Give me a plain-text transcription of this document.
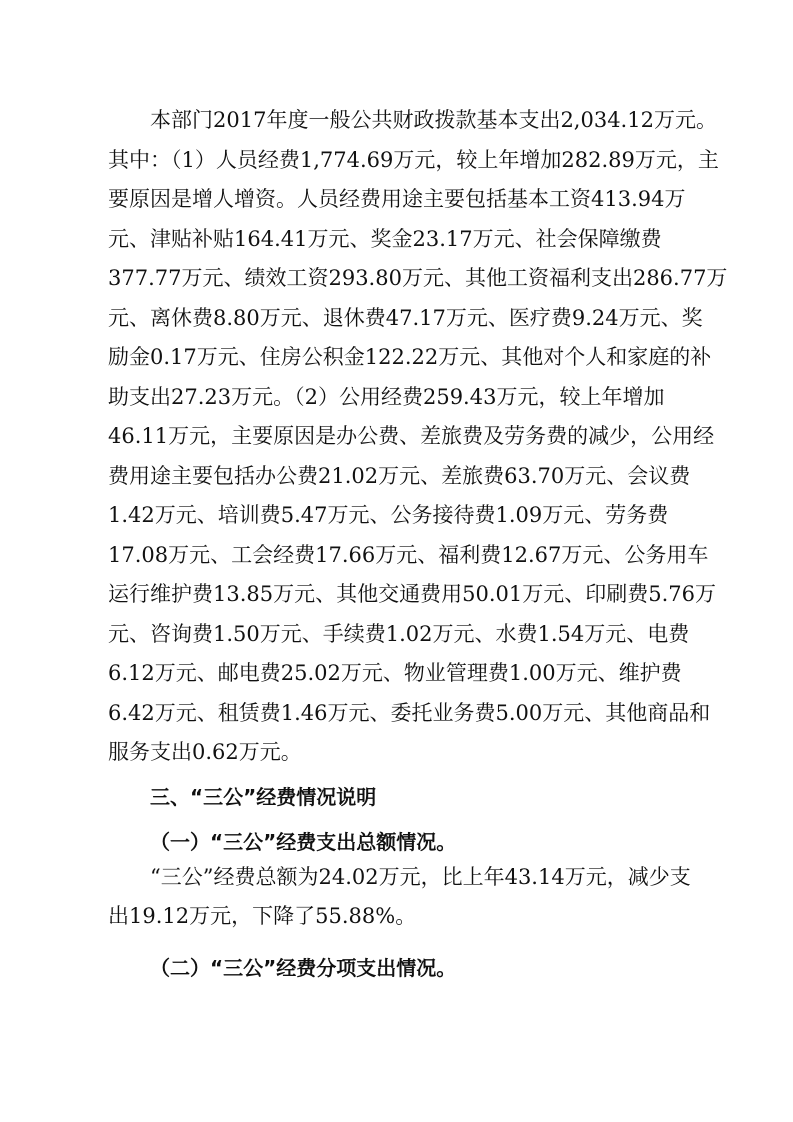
本部门2017年度一般公共财政拨款基本支出2,034.12万元。
其中：（1）人员经费1,774.69万元，较上年增加282.89万元，主
要原因是增人增资。人员经费用途主要包括基本工资413.94万
元、津贴补贴164.41万元、奖金23.17万元、社会保障缴费
377.77万元、绩效工资293.80万元、其他工资福利支出286.77万
元、离休费8.80万元、退休费47.17万元、医疗费9.24万元、奖
励金0.17万元、住房公积金122.22万元、其他对个人和家庭的补
助支出27.23万元。（2）公用经费259.43万元，较上年增加
46.11万元，主要原因是办公费、差旅费及劳务费的减少，公用经
费用途主要包括办公费21.02万元、差旅费63.70万元、会议费
1.42万元、培训费5.47万元、公务接待费1.09万元、劳务费
17.08万元、工会经费17.66万元、福利费12.67万元、公务用车
运行维护费13.85万元、其他交通费用50.01万元、印刷费5.76万
元、咨询费1.50万元、手续费1.02万元、水费1.54万元、电费
6.12万元、邮电费25.02万元、物业管理费1.00万元、维护费
6.42万元、租赁费1.46万元、委托业务费5.00万元、其他商品和
服务支出0.62万元。
三、“三公”经费情况说明
（一）“三公”经费支出总额情况。
“三公”经费总额为24.02万元，比上年43.14万元，减少支
出19.12万元，下降了55.88%。
（二）“三公”经费分项支出情况。
